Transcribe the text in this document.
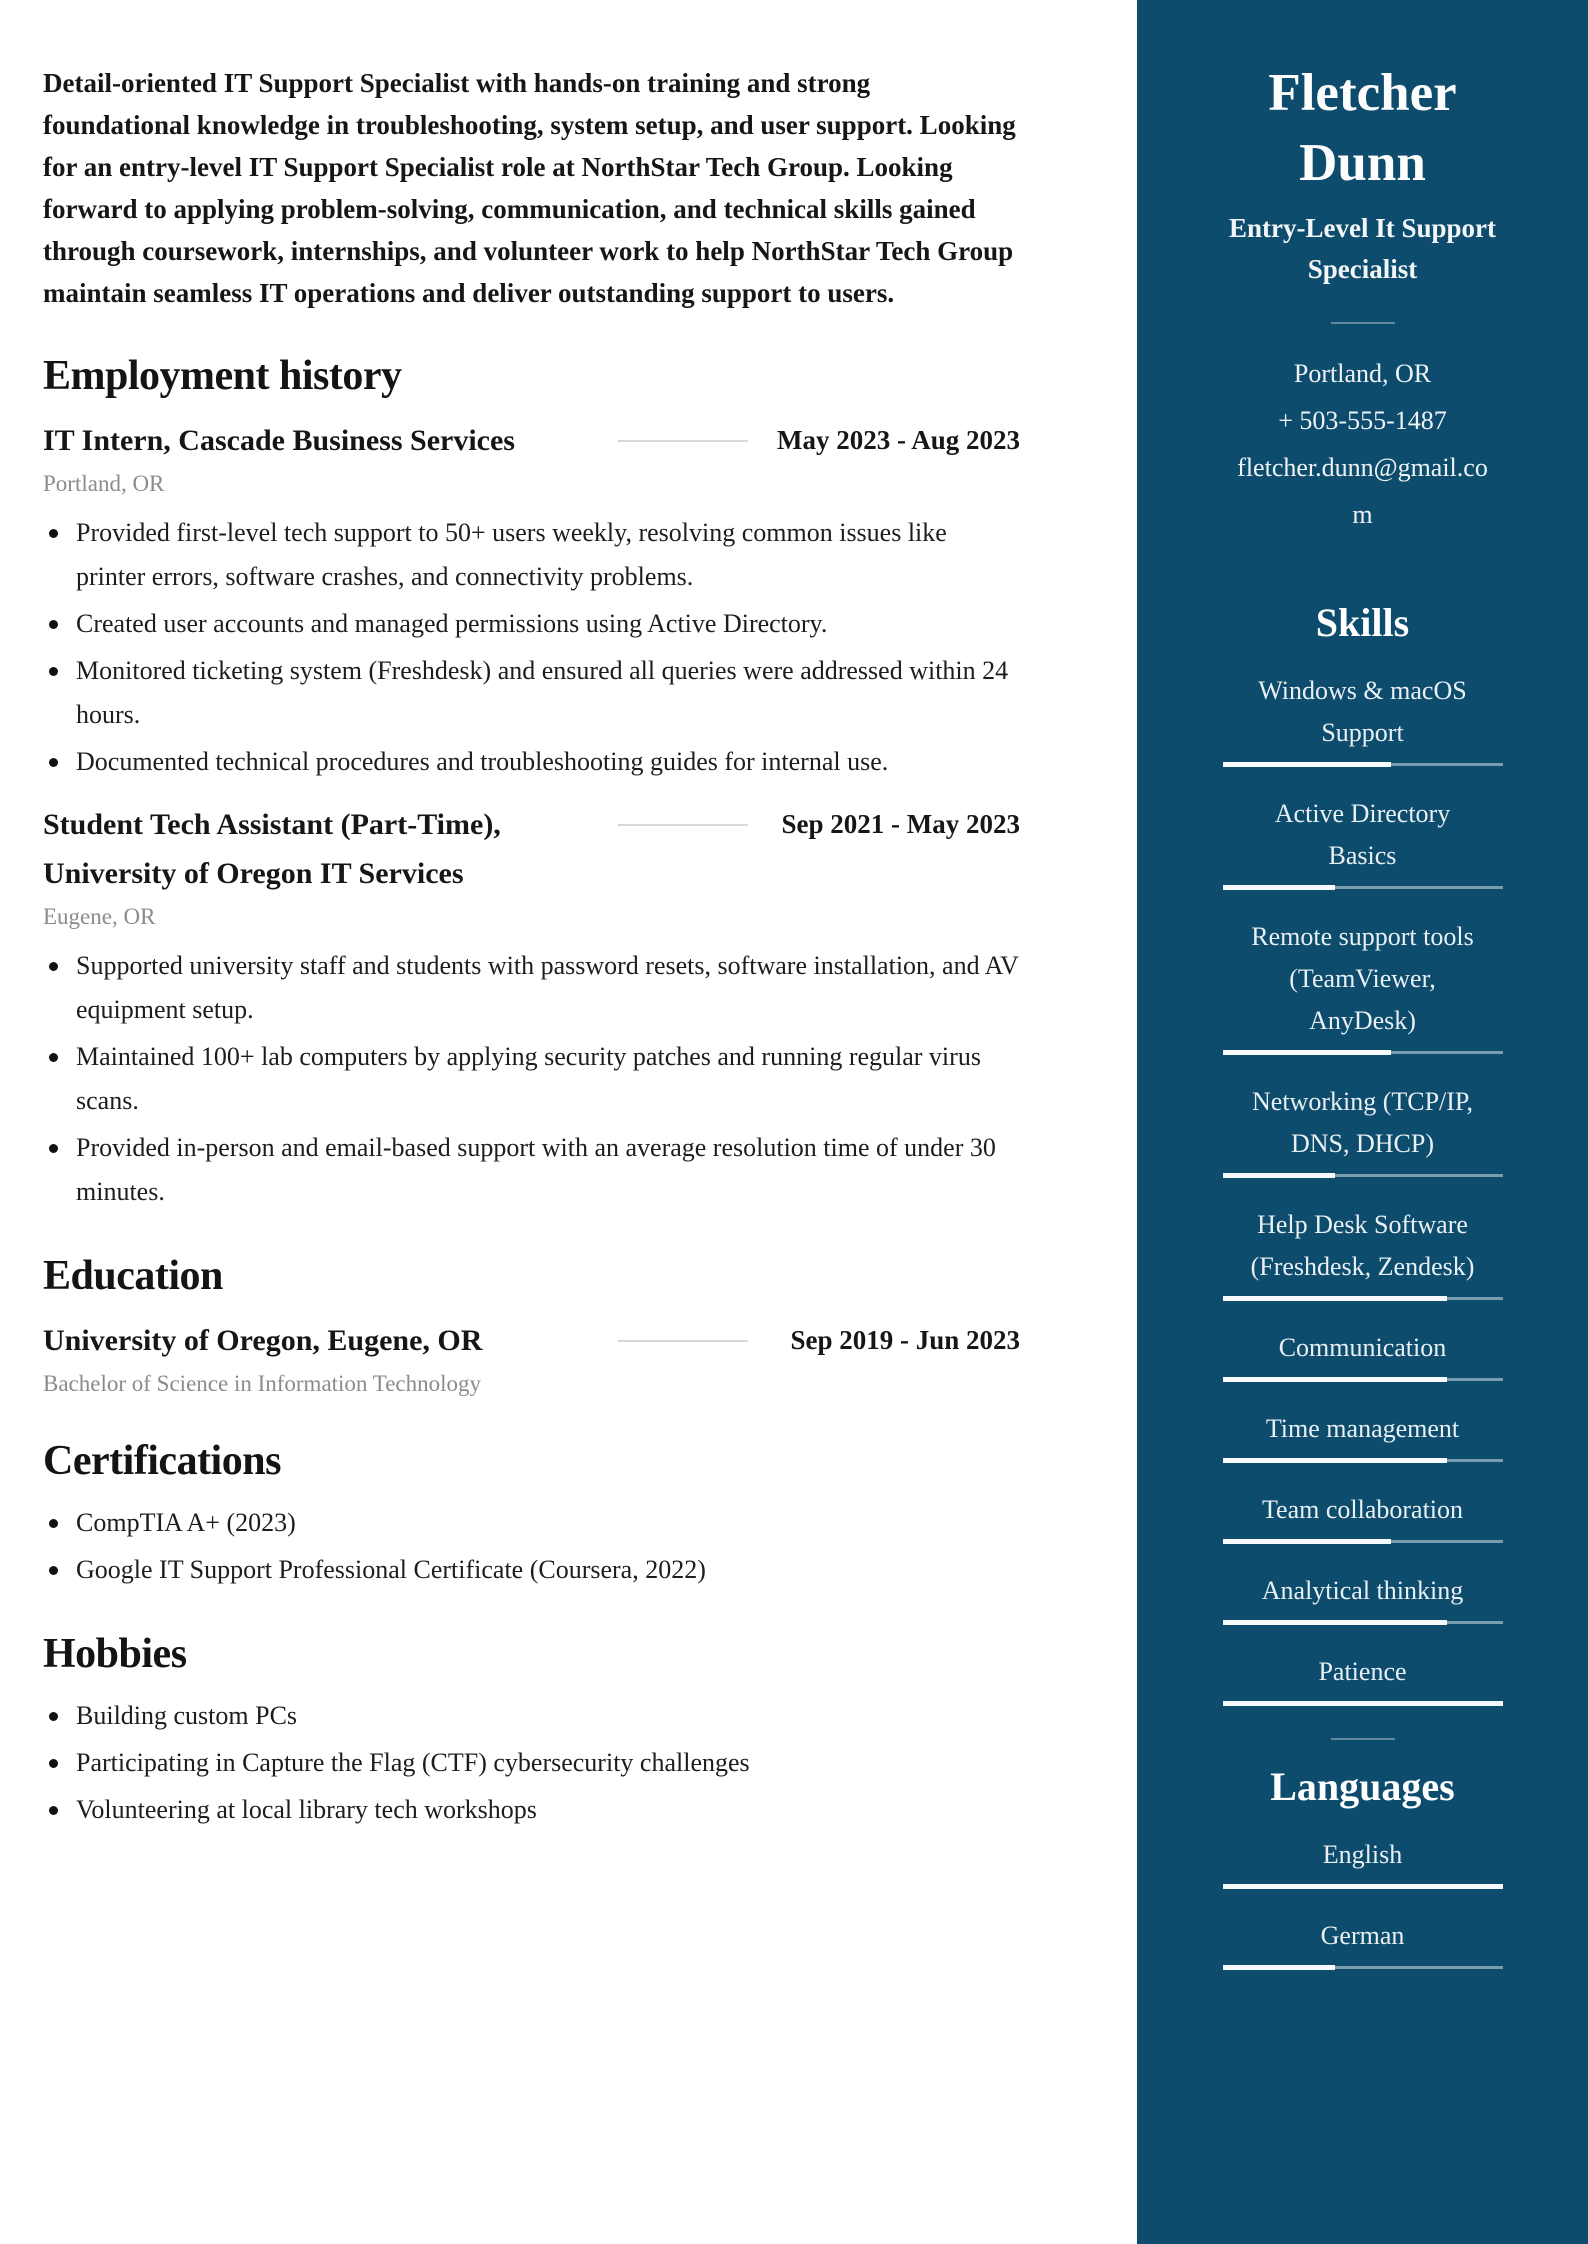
Detail-oriented IT Support Specialist with hands-on training and strong foundational knowledge in troubleshooting, system setup, and user support. Looking for an entry-level IT Support Specialist role at NorthStar Tech Group. Looking forward to applying problem-solving, communication, and technical skills gained through coursework, internships, and volunteer work to help NorthStar Tech Group maintain seamless IT operations and deliver outstanding support to users.

Employment history
IT Intern, Cascade Business Services	May 2023 - Aug 2023
Portland, OR
Provided first-level tech support to 50+ users weekly, resolving common issues like printer errors, software crashes, and connectivity problems.
Created user accounts and managed permissions using Active Directory.
Monitored ticketing system (Freshdesk) and ensured all queries were addressed within 24 hours.
Documented technical procedures and troubleshooting guides for internal use.
Student Tech Assistant (Part-Time), University of Oregon IT Services
Sep 2021 - May 2023
Eugene, OR
Supported university staff and students with password resets, software installation, and AV equipment setup.
Maintained 100+ lab computers by applying security patches and running regular virus scans.
Provided in-person and email-based support with an average resolution time of under 30 minutes.
Education
University of Oregon, Eugene, OR	Sep 2019 - Jun 2023
Bachelor of Science in Information Technology
Certifications
CompTIA A+ (2023)
Google IT Support Professional Certificate (Coursera, 2022)
Hobbies
Building custom PCs
Participating in Capture the Flag (CTF) cybersecurity challenges
Volunteering at local library tech workshops
Fletcher Dunn
Entry-Level It Support Specialist
Portland, OR
+ 503-555-1487
fletcher.dunn@gmail.com
Skills
Windows & macOS Support
Active Directory Basics
Remote support tools (TeamViewer, AnyDesk)
Networking (TCP/IP, DNS, DHCP)
Help Desk Software (Freshdesk, Zendesk)
Communication
Time management
Team collaboration
Analytical thinking
Patience
Languages
English
German
